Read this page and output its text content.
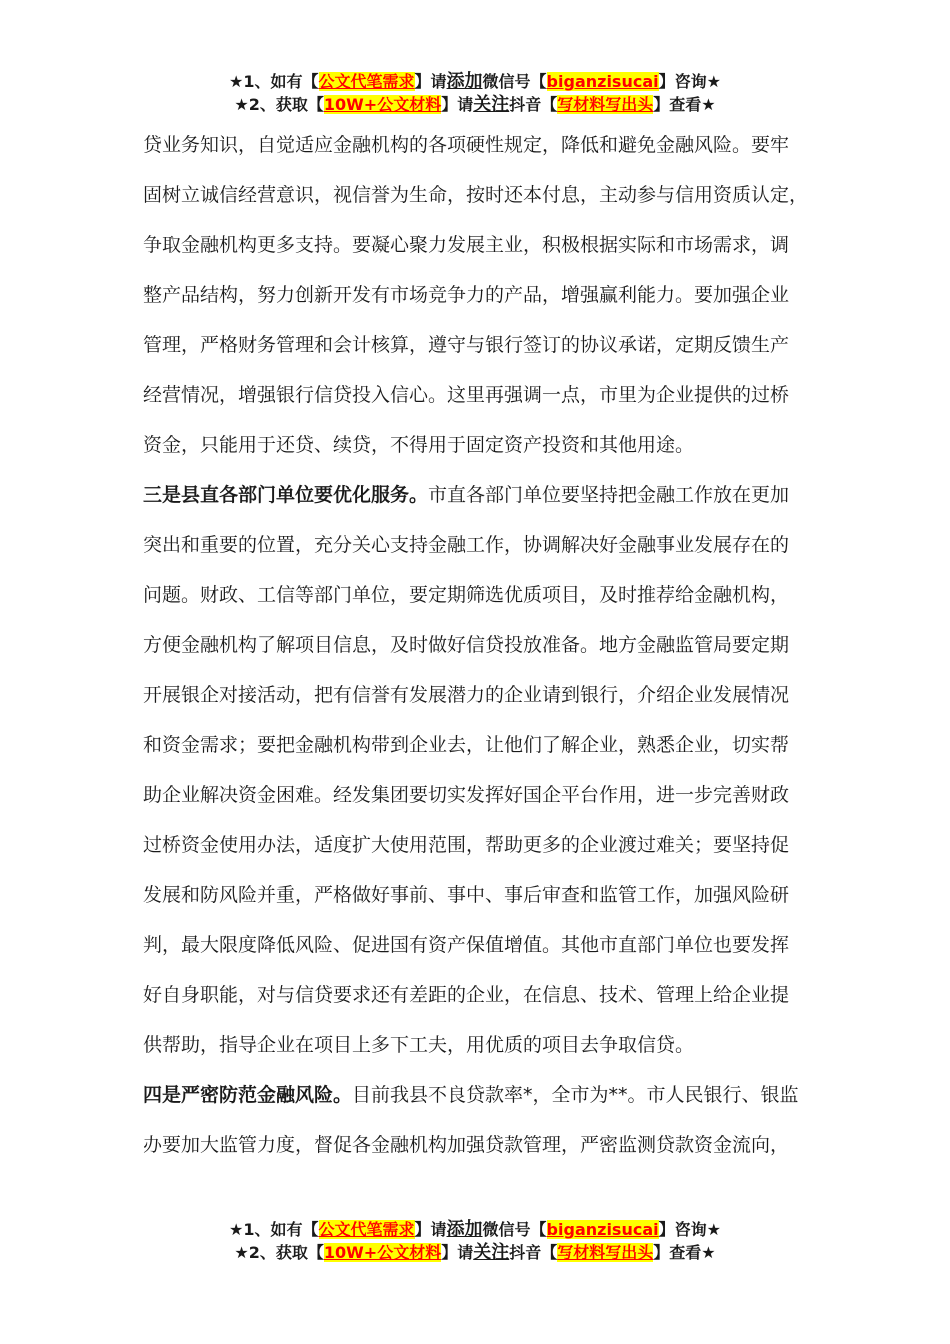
★1、如有【公文代笔需求】请添加微信号【biganzisucai】咨询★
★2、获取【10W+公文材料】请关注抖音【写材料写出头】查看★
贷业务知识，自觉适应金融机构的各项硬性规定，降低和避免金融风险。要牢
固树立诚信经营意识，视信誉为生命，按时还本付息，主动参与信用资质认定，
争取金融机构更多支持。要凝心聚力发展主业，积极根据实际和市场需求，调
整产品结构，努力创新开发有市场竞争力的产品，增强赢利能力。要加强企业
管理，严格财务管理和会计核算，遵守与银行签订的协议承诺，定期反馈生产
经营情况，增强银行信贷投入信心。这里再强调一点，市里为企业提供的过桥
资金，只能用于还贷、续贷，不得用于固定资产投资和其他用途。
三是县直各部门单位要优化服务。市直各部门单位要坚持把金融工作放在更加
突出和重要的位置，充分关心支持金融工作，协调解决好金融事业发展存在的
问题。财政、工信等部门单位，要定期筛选优质项目，及时推荐给金融机构，
方便金融机构了解项目信息，及时做好信贷投放准备。地方金融监管局要定期
开展银企对接活动，把有信誉有发展潜力的企业请到银行，介绍企业发展情况
和资金需求；要把金融机构带到企业去，让他们了解企业，熟悉企业，切实帮
助企业解决资金困难。经发集团要切实发挥好国企平台作用，进一步完善财政
过桥资金使用办法，适度扩大使用范围，帮助更多的企业渡过难关；要坚持促
发展和防风险并重，严格做好事前、事中、事后审查和监管工作，加强风险研
判，最大限度降低风险、促进国有资产保值增值。其他市直部门单位也要发挥
好自身职能，对与信贷要求还有差距的企业，在信息、技术、管理上给企业提
供帮助，指导企业在项目上多下工夫，用优质的项目去争取信贷。
四是严密防范金融风险。目前我县不良贷款率*，全市为**。市人民银行、银监
办要加大监管力度，督促各金融机构加强贷款管理，严密监测贷款资金流向，
★1、如有【公文代笔需求】请添加微信号【biganzisucai】咨询★
★2、获取【10W+公文材料】请关注抖音【写材料写出头】查看★
